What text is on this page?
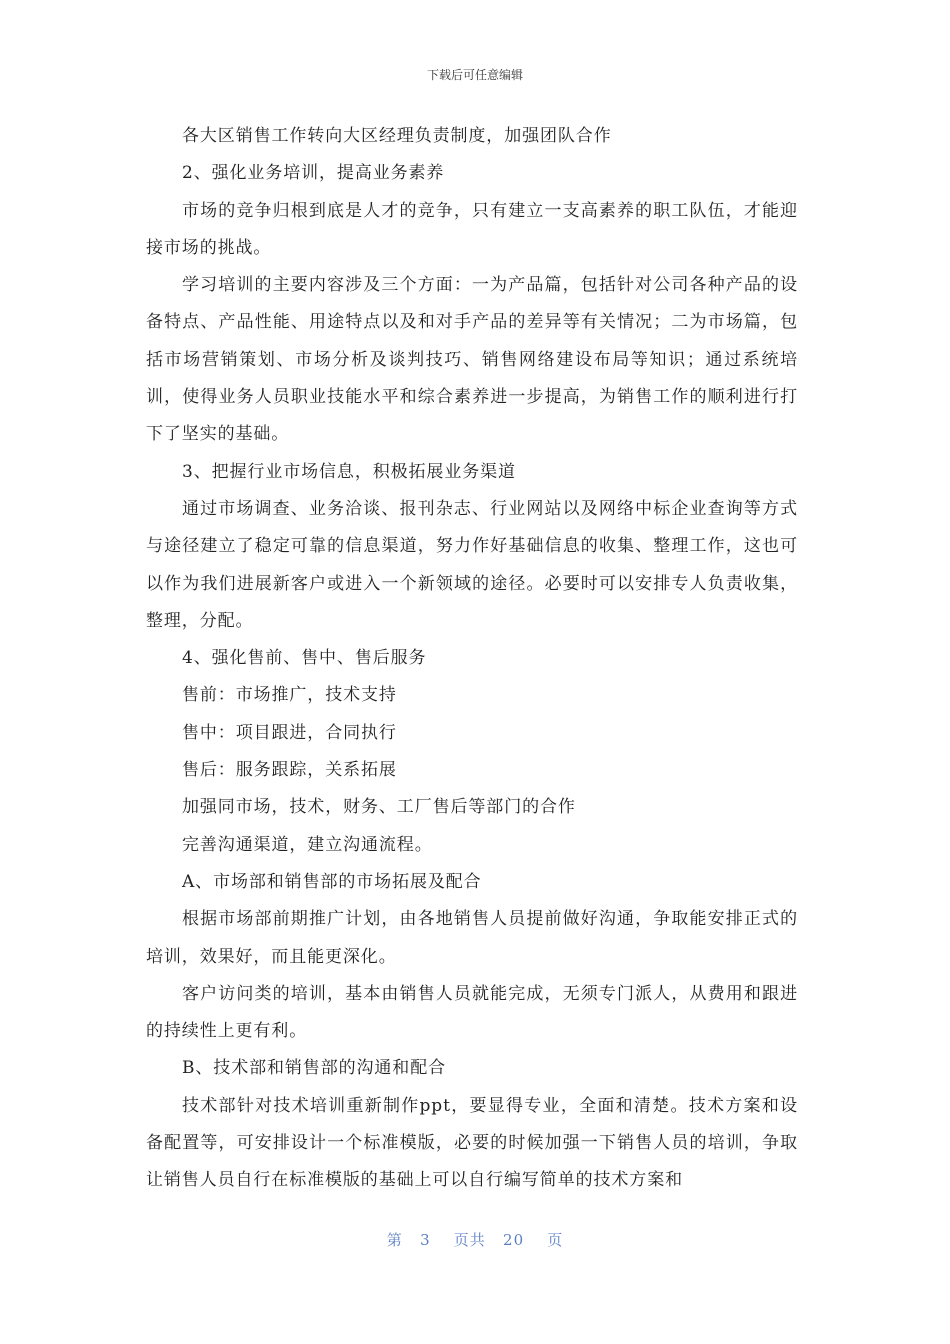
下载后可任意编辑

各大区销售工作转向大区经理负责制度，加强团队合作

2、强化业务培训，提高业务素养

市场的竞争归根到底是人才的竞争，只有建立一支高素养的职工队伍，才能迎接市场的挑战。

学习培训的主要内容涉及三个方面：一为产品篇，包括针对公司各种产品的设备特点、产品性能、用途特点以及和对手产品的差异等有关情况；二为市场篇，包括市场营销策划、市场分析及谈判技巧、销售网络建设布局等知识；通过系统培训，使得业务人员职业技能水平和综合素养进一步提高，为销售工作的顺利进行打下了坚实的基础。

3、把握行业市场信息，积极拓展业务渠道

通过市场调查、业务洽谈、报刊杂志、行业网站以及网络中标企业查询等方式与途径建立了稳定可靠的信息渠道，努力作好基础信息的收集、整理工作，这也可以作为我们进展新客户或进入一个新领域的途径。必要时可以安排专人负责收集，整理，分配。

4、强化售前、售中、售后服务

售前：市场推广，技术支持

售中：项目跟进，合同执行

售后：服务跟踪，关系拓展

加强同市场，技术，财务、工厂售后等部门的合作

完善沟通渠道，建立沟通流程。

A、市场部和销售部的市场拓展及配合

根据市场部前期推广计划，由各地销售人员提前做好沟通，争取能安排正式的培训，效果好，而且能更深化。

客户访问类的培训，基本由销售人员就能完成，无须专门派人，从费用和跟进的持续性上更有利。

B、技术部和销售部的沟通和配合

技术部针对技术培训重新制作ppt，要显得专业，全面和清楚。技术方案和设备配置等，可安排设计一个标准模版，必要的时候加强一下销售人员的培训，争取让销售人员自行在标准模版的基础上可以自行编写简单的技术方案和

第 3 页共 20 页
